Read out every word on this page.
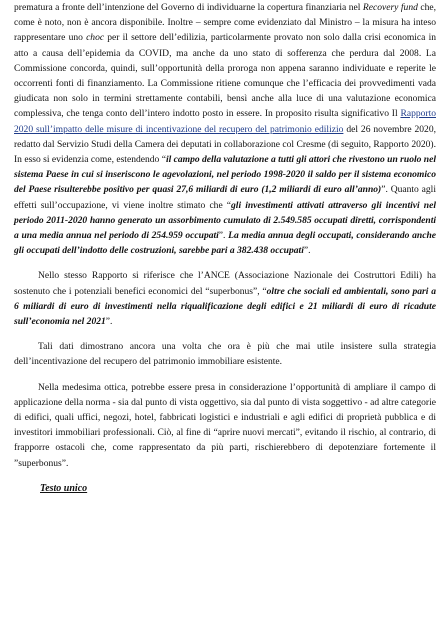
prematura a fronte dell’intenzione del Governo di individuarne la copertura finanziaria nel Recovery fund che, come è noto, non è ancora disponibile. Inoltre – sempre come evidenziato dal Ministro – la misura ha inteso rappresentare uno choc per il settore dell’edilizia, particolarmente provato non solo dalla crisi economica in atto a causa dell’epidemia da COVID, ma anche da uno stato di sofferenza che perdura dal 2008. La Commissione concorda, quindi, sull’opportunità della proroga non appena saranno individuate e reperite le occorrenti fonti di finanziamento. La Commissione ritiene comunque che l’efficacia dei provvedimenti vada giudicata non solo in termini strettamente contabili, bensì anche alla luce di una valutazione economica complessiva, che tenga conto dell’intero indotto posto in essere. In proposito risulta significativo Il Rapporto 2020 sull’impatto delle misure di incentivazione del recupero del patrimonio edilizio del 26 novembre 2020, redatto dal Servizio Studi della Camera dei deputati in collaborazione col Cresme (di seguito, Rapporto 2020). In esso si evidenzia come, estendendo “il campo della valutazione a tutti gli attori che rivestono un ruolo nel sistema Paese in cui si inseriscono le agevolazioni, nel periodo 1998-2020 il saldo per il sistema economico del Paese risulterebbe positivo per quasi 27,6 miliardi di euro (1,2 miliardi di euro all’anno)”. Quanto agli effetti sull’occupazione, vi viene inoltre stimato che “gli investimenti attivati attraverso gli incentivi nel periodo 2011-2020 hanno generato un assorbimento cumulato di 2.549.585 occupati diretti, corrispondenti a una media annua nel periodo di 254.959 occupati”. La media annua degli occupati, considerando anche gli occupati dell’indotto delle costruzioni, sarebbe pari a 382.438 occupati”.

Nello stesso Rapporto si riferisce che l’ANCE (Associazione Nazionale dei Costruttori Edili) ha sostenuto che i potenziali benefici economici del “superbonus”, “oltre che sociali ed ambientali, sono pari a 6 miliardi di euro di investimenti nella riqualificazione degli edifici e 21 miliardi di euro di ricadute sull’economia nel 2021”.

Tali dati dimostrano ancora una volta che ora è più che mai utile insistere sulla strategia dell’incentivazione del recupero del patrimonio immobiliare esistente.

Nella medesima ottica, potrebbe essere presa in considerazione l’opportunità di ampliare il campo di applicazione della norma - sia dal punto di vista oggettivo, sia dal punto di vista soggettivo - ad altre categorie di edifici, quali uffici, negozi, hotel, fabbricati logistici e industriali e agli edifici di proprietà pubblica e di investitori immobiliari professionali. Ciò, al fine di “aprire nuovi mercati”, evitando il rischio, al contrario, di frapporre ostacoli che, come rappresentato da più parti, rischierebbero di depotenziare fortemente il ”superbonus”.

Testo unico
